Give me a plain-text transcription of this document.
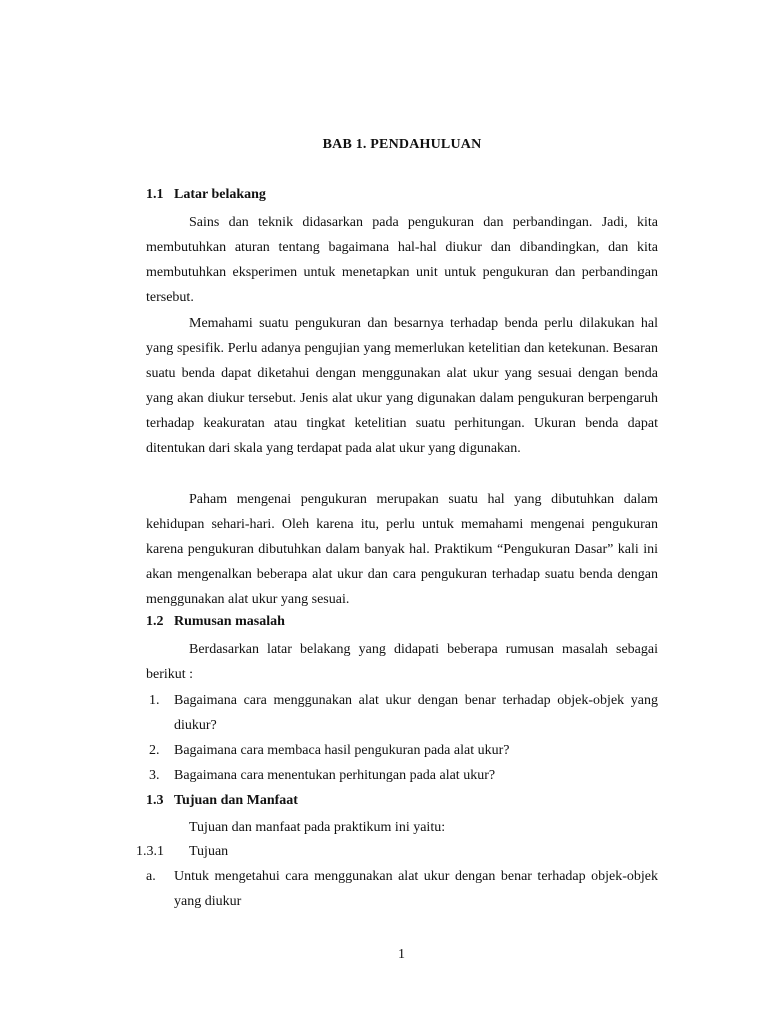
BAB 1. PENDAHULUAN
1.1 Latar belakang

Sains dan teknik didasarkan pada pengukuran dan perbandingan. Jadi, kita membutuhkan aturan tentang bagaimana hal-hal diukur dan dibandingkan, dan kita membutuhkan eksperimen untuk menetapkan unit untuk pengukuran dan perbandingan tersebut.

Memahami suatu pengukuran dan besarnya terhadap benda perlu dilakukan hal yang spesifik. Perlu adanya pengujian yang memerlukan ketelitian dan ketekunan. Besaran suatu benda dapat diketahui dengan menggunakan alat ukur yang sesuai dengan benda yang akan diukur tersebut. Jenis alat ukur yang digunakan dalam pengukuran berpengaruh terhadap keakuratan atau tingkat ketelitian suatu perhitungan. Ukuran benda dapat ditentukan dari skala yang terdapat pada alat ukur yang digunakan.

Paham mengenai pengukuran merupakan suatu hal yang dibutuhkan dalam kehidupan sehari-hari. Oleh karena itu, perlu untuk memahami mengenai pengukuran karena pengukuran dibutuhkan dalam banyak hal. Praktikum “Pengukuran Dasar” kali ini akan mengenalkan beberapa alat ukur dan cara pengukuran terhadap suatu benda dengan menggunakan alat ukur yang sesuai.

1.2 Rumusan masalah

Berdasarkan latar belakang yang didapati beberapa rumusan masalah sebagai berikut :

1. Bagaimana cara menggunakan alat ukur dengan benar terhadap objek-objek yang diukur?
2. Bagaimana cara membaca hasil pengukuran pada alat ukur?
3. Bagaimana cara menentukan perhitungan pada alat ukur?
1.3 Tujuan dan Manfaat

Tujuan dan manfaat pada praktikum ini yaitu:

1.3.1 Tujuan
a. Untuk mengetahui cara menggunakan alat ukur dengan benar terhadap objek-objek yang diukur
1
